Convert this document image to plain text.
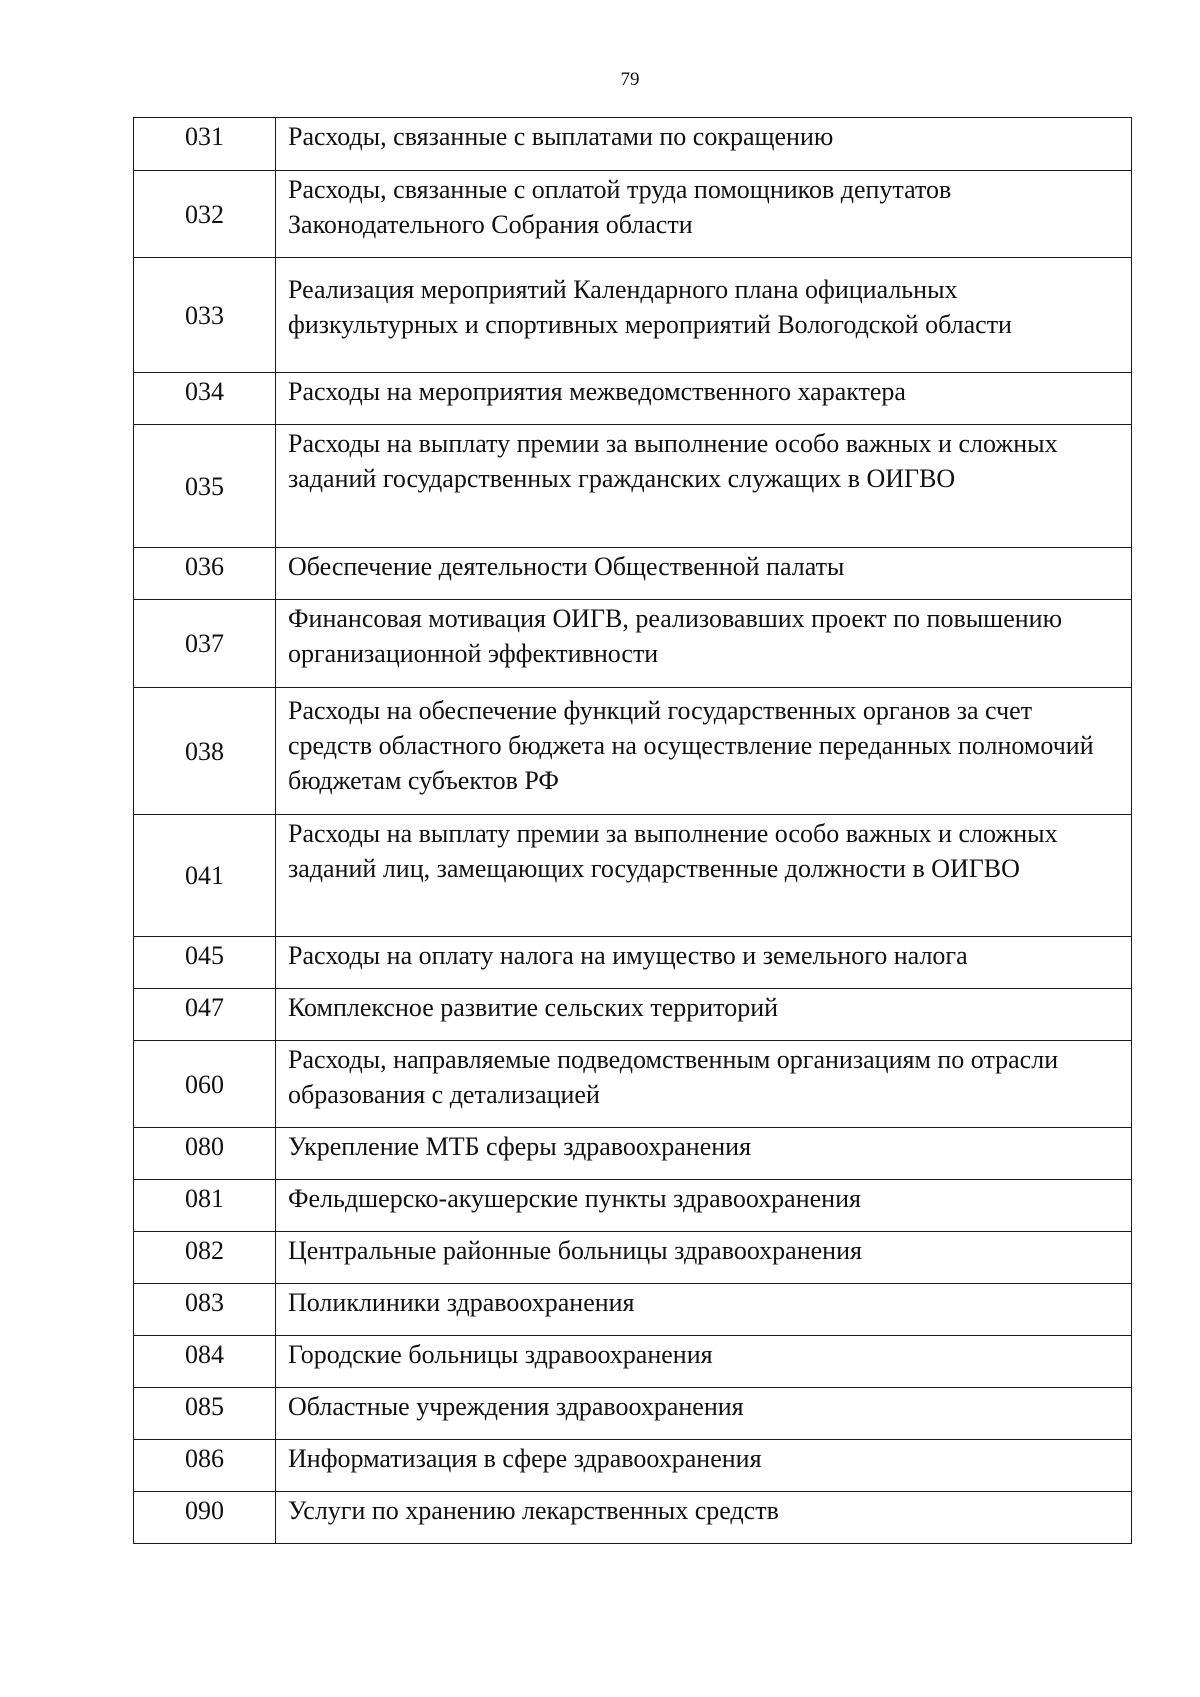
79
031	Расходы, связанные с выплатами по сокращению
032	Расходы, связанные с оплатой труда помощников депутатов Законодательного Собрания области
033	Реализация мероприятий Календарного плана официальных физкультурных и спортивных мероприятий Вологодской области
034	Расходы на мероприятия межведомственного характера
035	Расходы на выплату премии за выполнение особо важных и сложных заданий государственных гражданских служащих в ОИГВО
036	Обеспечение деятельности Общественной палаты
037	Финансовая мотивация ОИГВ, реализовавших проект по повышению организационной эффективности
038	Расходы на обеспечение функций государственных органов за счет средств областного бюджета на осуществление переданных полномочий бюджетам субъектов РФ
041	Расходы на выплату премии за выполнение особо важных и сложных заданий лиц, замещающих государственные должности в ОИГВО
045	Расходы на оплату налога на имущество и земельного налога
047	Комплексное развитие сельских территорий
060	Расходы, направляемые подведомственным организациям по отрасли образования с детализацией
080	Укрепление МТБ сферы здравоохранения
081	Фельдшерско-акушерские пункты здравоохранения
082	Центральные районные больницы здравоохранения
083	Поликлиники здравоохранения
084	Городские больницы здравоохранения
085	Областные учреждения здравоохранения
086	Информатизация в сфере здравоохранения
090	Услуги по хранению лекарственных средств
